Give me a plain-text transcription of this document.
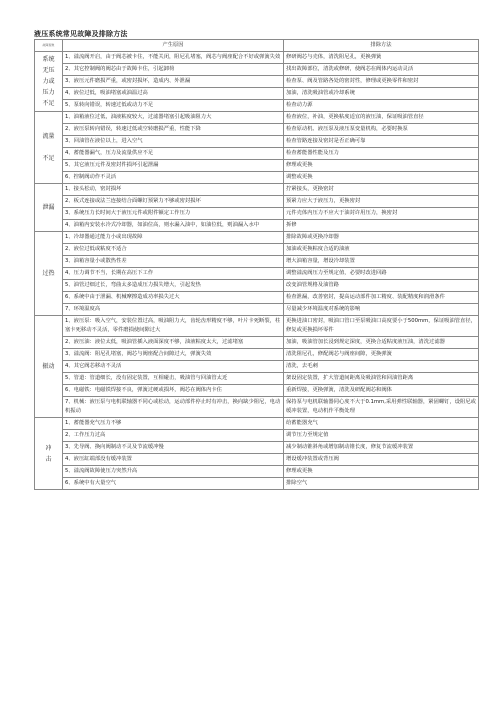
液压系统常见故障及排除方法
故障现象	产生原因	排除方法

系统
无压
力或
压力
不足	1、溢流阀开启，由于阀芯被卡住，不能关闭，阻尼孔堵塞，阀芯与阀座配合不好或弹簧失效	修研阀芯与壳体，清洗阻尼孔，更换弹簧
	2、其它控制阀的阀芯由于故障卡住，引起卸荷	找出故障部位，清洗或修研，使阀芯在阀体内运动灵活
	3、液压元件磨损严重，或密封损坏，造成内、外泄漏	检查泵、阀及管路各处的密封性，修理或更换零件和密封
	4、液位过低，吸油堵塞或油温过高	加油，清洗吸油管或冷却系统
	5、泵转向错误，转速过低或动力不足	检查动力源

流量

不足	1、油箱液位过低，油液粘度较大，过滤器堵塞引起吸油阻力大	检查液位，补油，更换粘度适宜的液压油，保证吸油管直径
	2、液压泵转向错误，转速过低或空转磨损严重，性能下降	检查原动机、液压泵及液压泵变量机构，必要时换泵
	3、回油管在液位以上，进入空气	检查管路连接及密封是否正确可靠
	4、蓄能器漏气，压力及流量供应不足	检查蓄能器性能及压力
	5、其它液压元件及密封件损坏引起泄漏	修理或更换
	6、控制阀动作不灵活	调整或更换

泄漏	1、接头松动，密封损坏	拧紧接头，更换密封
	2、板式连接或法兰连接结合面螺钉预紧力不够或密封损坏	预紧力应大于液压力，更换密封
	3、系统压力长时间大于液压元件或附件额定工作压力	元件壳体内压力不应大于油封许用压力，换密封
	4、油箱内安装水冷式冷却器，如油位高，则水漏入油中，如油位低，则油漏入水中	拆修

过热	1、冷却器通过能力小或出现故障	排除故障或更换冷却器
	2、液位过低或粘度不适合	加油或更换粘度合适的油液
	3、油箱容量小或散热性差	增大油箱容量，增设冷却装置
	4、压力调节不当，长期在高压下工作	调整溢流阀压力至规定值，必要时改进回路
	5、油管过细过长，弯曲太多造成压力损失增大，引起发热	改变油管规格及油管路
	6、系统中由于泄漏、机械摩擦造成功率损失过大	检查泄漏，改善密封，提高运动部件加工精度、装配精度和润滑条件
	7、环境温度高	尽量减少环境温度对系统的影响

振动	1、液压泵：吸入空气，安装位置过高，吸油阻力大，齿轮齿形精度不够，叶片卡死断裂，柱塞卡死移动不灵活，零件磨损使间隙过大	更换进油口密封，吸油口管口至泵吸油口高度要小于500mm，保证吸油管直径，修复或更换损坏零件
	2、液压油：液位太低，吸油管插入液面深度不够，油液粘度太大，过滤堵塞	加油，吸油管加长浸到规定深度，更换合适粘度液压油，清洗过滤器
	3、溢流阀：阻尼孔堵塞，阀芯与阀座配合间隙过大，弹簧失效	清洗阻尼孔，修配阀芯与阀座间隙，更换弹簧
	4、其它阀芯移动不灵活	清洗，去毛刺
	5、管道：管道细长，没有固定装置，互相碰击，吸油管与回油管太近	架设固定装置，扩大管道间距离及吸油管和回油管距离
	6、电磁铁：电磁铁焊接不良，弹簧过硬或损坏，阀芯在阀体内卡住	重新焊接，更换弹簧，清洗及研配阀芯和阀体
	7、机械：液压泵与电机联轴器不同心或松动，运动部件停止时有冲击，换向缺少阻尼，电动机振动	保持泵与电机联轴器同心度不大于0.1mm,采用弹性联轴器，紧固螺钉，设阻尼或缓冲装置，电动机作平衡处理

冲
击	1、蓄能器充气压力不够	给蓄能器充气
	2、工作压力过高	调节压力至规定值
	3、先导阀、换向阀制动不灵及节流缓冲慢	减少制动锥斜角或增加制动锥长度，修复节流缓冲装置
	4、液压缸端部没有缓冲装置	增设缓冲装置或背压阀
	5、溢流阀故障使压力突然升高	修理或更换
	6、系统中有大量空气	排除空气
